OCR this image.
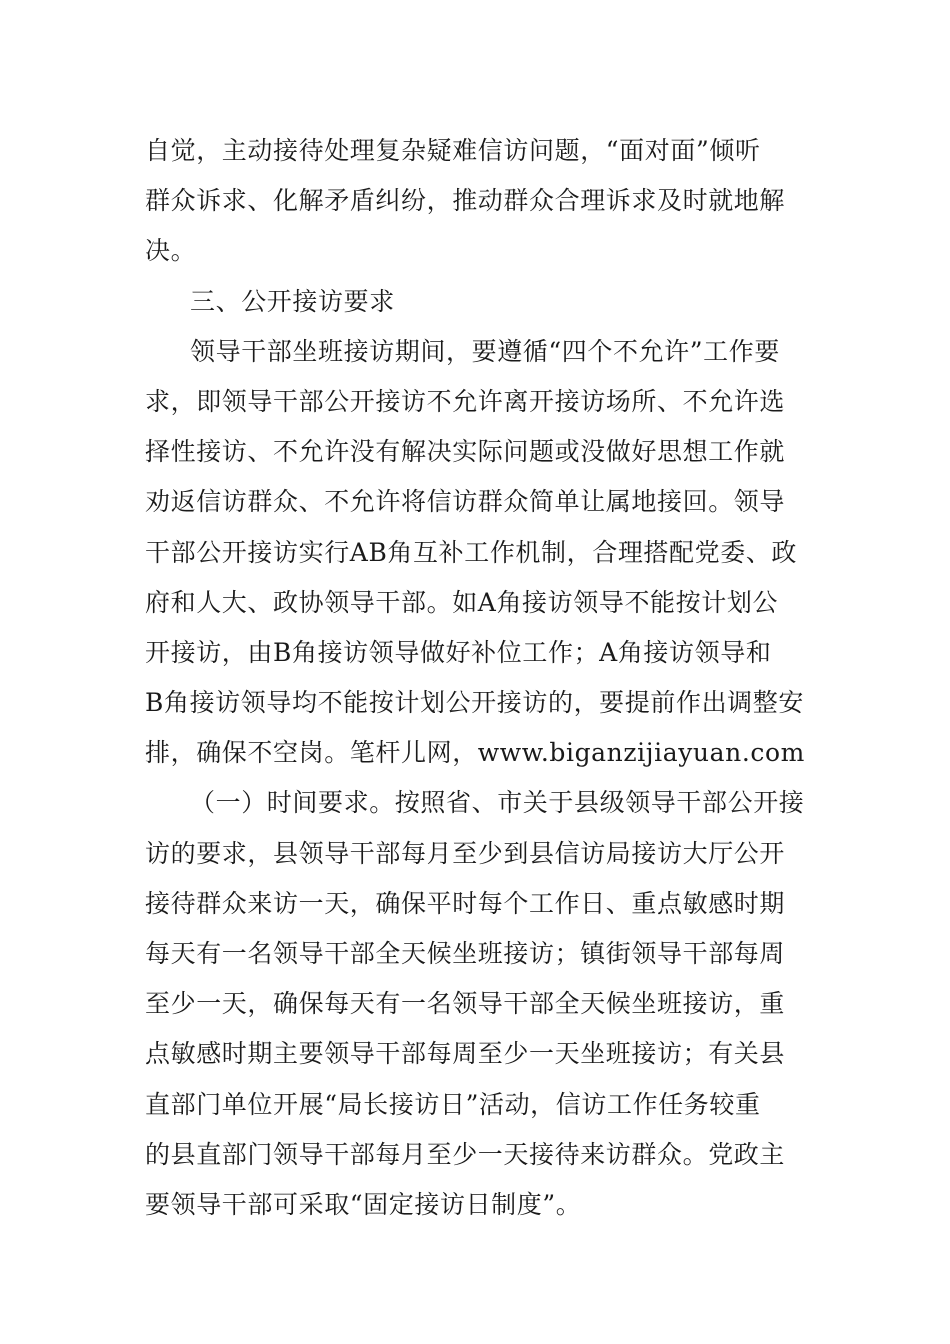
自觉，主动接待处理复杂疑难信访问题，“面对面”倾听
群众诉求、化解矛盾纠纷，推动群众合理诉求及时就地解
决。
三、公开接访要求
领导干部坐班接访期间，要遵循“四个不允许”工作要
求，即领导干部公开接访不允许离开接访场所、不允许选
择性接访、不允许没有解决实际问题或没做好思想工作就
劝返信访群众、不允许将信访群众简单让属地接回。领导
干部公开接访实行AB角互补工作机制，合理搭配党委、政
府和人大、政协领导干部。如A角接访领导不能按计划公
开接访，由B角接访领导做好补位工作；A角接访领导和
B角接访领导均不能按计划公开接访的，要提前作出调整安
排，确保不空岗。笔杆儿网，www.biganzijiayuan.com
（一）时间要求。按照省、市关于县级领导干部公开接
访的要求，县领导干部每月至少到县信访局接访大厅公开
接待群众来访一天，确保平时每个工作日、重点敏感时期
每天有一名领导干部全天候坐班接访；镇街领导干部每周
至少一天，确保每天有一名领导干部全天候坐班接访，重
点敏感时期主要领导干部每周至少一天坐班接访；有关县
直部门单位开展“局长接访日”活动，信访工作任务较重
的县直部门领导干部每月至少一天接待来访群众。党政主
要领导干部可采取“固定接访日制度”。
